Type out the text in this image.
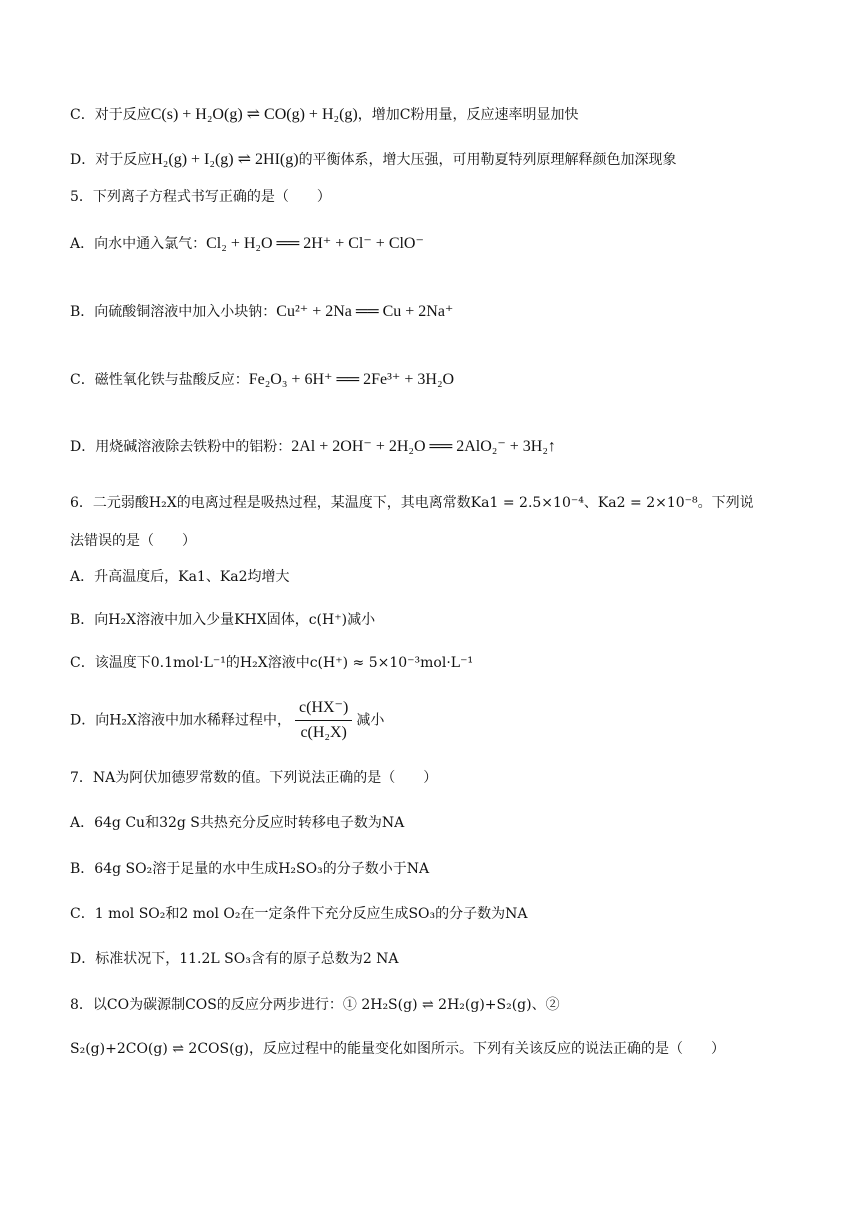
C．对于反应C(s) + H₂O(g) ⇌ CO(g) + H₂(g)，增加C粉用量，反应速率明显加快
D．对于反应H₂(g) + I₂(g) ⇌ 2HI(g)的平衡体系，增大压强，可用勒夏特列原理解释颜色加深现象
5．下列离子方程式书写正确的是（　　）
A．向水中通入氯气：Cl₂ + H₂O ══ 2H⁺ + Cl⁻ + ClO⁻
B．向硫酸铜溶液中加入小块钠：Cu²⁺ + 2Na ══ Cu + 2Na⁺
C．磁性氧化铁与盐酸反应：Fe₂O₃ + 6H⁺ ══ 2Fe³⁺ + 3H₂O
D．用烧碱溶液除去铁粉中的铝粉：2Al + 2OH⁻ + 2H₂O ══ 2AlO₂⁻ + 3H₂↑
6．二元弱酸H₂X的电离过程是吸热过程，某温度下，其电离常数Ka1 = 2.5×10⁻⁴、Ka2 = 2×10⁻⁸。下列说
法错误的是（　　）
A．升高温度后，Ka1、Ka2均增大
B．向H₂X溶液中加入少量KHX固体，c(H⁺)减小
C．该温度下0.1mol·L⁻¹的H₂X溶液中c(H⁺) ≈ 5×10⁻³mol·L⁻¹
D．向H₂X溶液中加水稀释过程中， $\frac{c(HX^-)}{\text{c(H₂X)}}$ 减小
7．NA为阿伏加德罗常数的值。下列说法正确的是（　　）
A．64g Cu和32g S共热充分反应时转移电子数为NA
B．64g SO₂溶于足量的水中生成H₂SO₃的分子数小于NA
C．1 mol SO₂和2 mol O₂在一定条件下充分反应生成SO₃的分子数为NA
D．标准状况下，11.2L SO₃含有的原子总数为2 NA
8．以CO为碳源制COS的反应分两步进行：① 2H₂S(g) ⇌ 2H₂(g)+S₂(g)、②
S₂(g)+2CO(g) ⇌ 2COS(g)，反应过程中的能量变化如图所示。下列有关该反应的说法正确的是（　　）
